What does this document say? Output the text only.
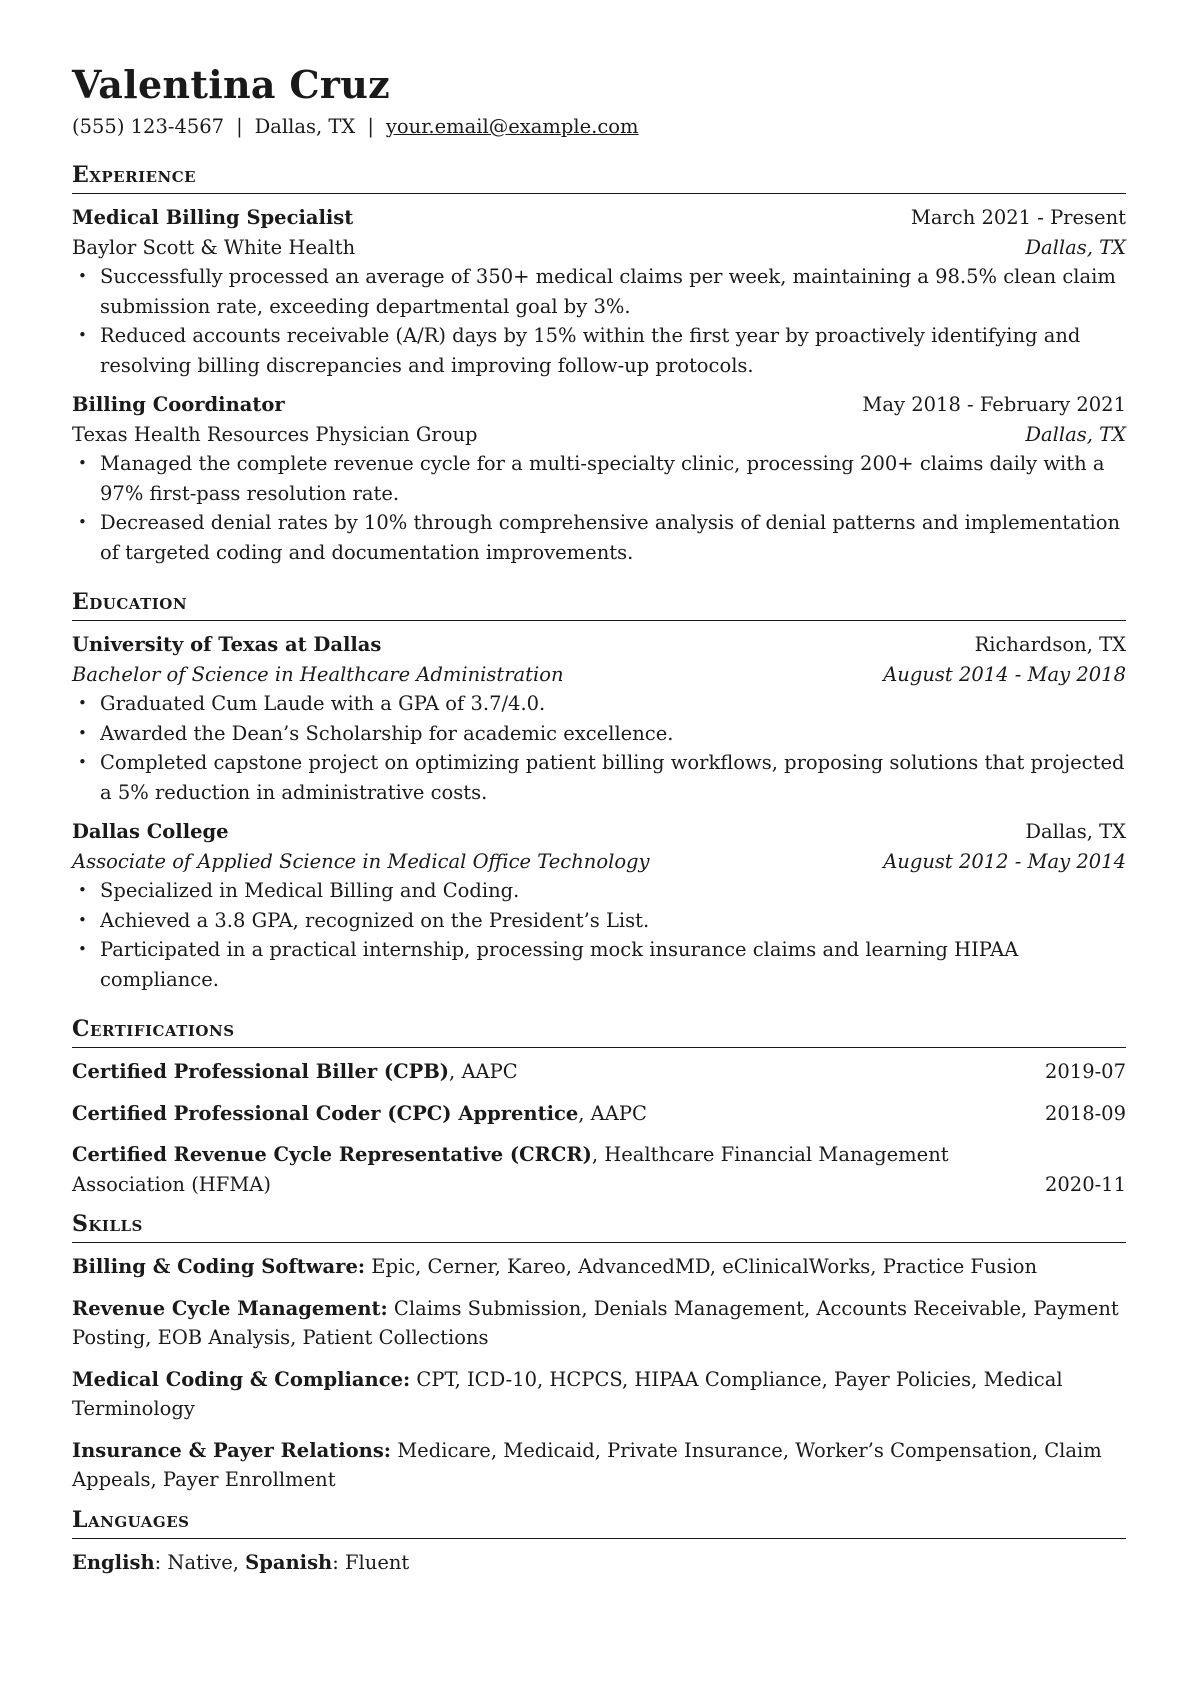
Valentina Cruz
(555) 123-4567 | Dallas, TX | your.email@example.com
Experience
Medical Billing Specialist	March 2021 - Present
Baylor Scott & White Health	Dallas, TX
• Successfully processed an average of 350+ medical claims per week, maintaining a 98.5% clean claim submission rate, exceeding departmental goal by 3%.
• Reduced accounts receivable (A/R) days by 15% within the first year by proactively identifying and resolving billing discrepancies and improving follow-up protocols.
Billing Coordinator	May 2018 - February 2021
Texas Health Resources Physician Group	Dallas, TX
• Managed the complete revenue cycle for a multi-specialty clinic, processing 200+ claims daily with a 97% first-pass resolution rate.
• Decreased denial rates by 10% through comprehensive analysis of denial patterns and implementation of targeted coding and documentation improvements.
Education
University of Texas at Dallas	Richardson, TX
Bachelor of Science in Healthcare Administration	August 2014 - May 2018
• Graduated Cum Laude with a GPA of 3.7/4.0.
• Awarded the Dean’s Scholarship for academic excellence.
• Completed capstone project on optimizing patient billing workflows, proposing solutions that projected a 5% reduction in administrative costs.
Dallas College	Dallas, TX
Associate of Applied Science in Medical Office Technology	August 2012 - May 2014
• Specialized in Medical Billing and Coding.
• Achieved a 3.8 GPA, recognized on the President’s List.
• Participated in a practical internship, processing mock insurance claims and learning HIPAA compliance.
Certifications
Certified Professional Biller (CPB), AAPC	2019-07
Certified Professional Coder (CPC) Apprentice, AAPC	2018-09
Certified Revenue Cycle Representative (CRCR), Healthcare Financial Management Association (HFMA)	2020-11
Skills
Billing & Coding Software: Epic, Cerner, Kareo, AdvancedMD, eClinicalWorks, Practice Fusion
Revenue Cycle Management: Claims Submission, Denials Management, Accounts Receivable, Payment Posting, EOB Analysis, Patient Collections
Medical Coding & Compliance: CPT, ICD-10, HCPCS, HIPAA Compliance, Payer Policies, Medical Terminology
Insurance & Payer Relations: Medicare, Medicaid, Private Insurance, Worker’s Compensation, Claim Appeals, Payer Enrollment
Languages
English: Native, Spanish: Fluent
